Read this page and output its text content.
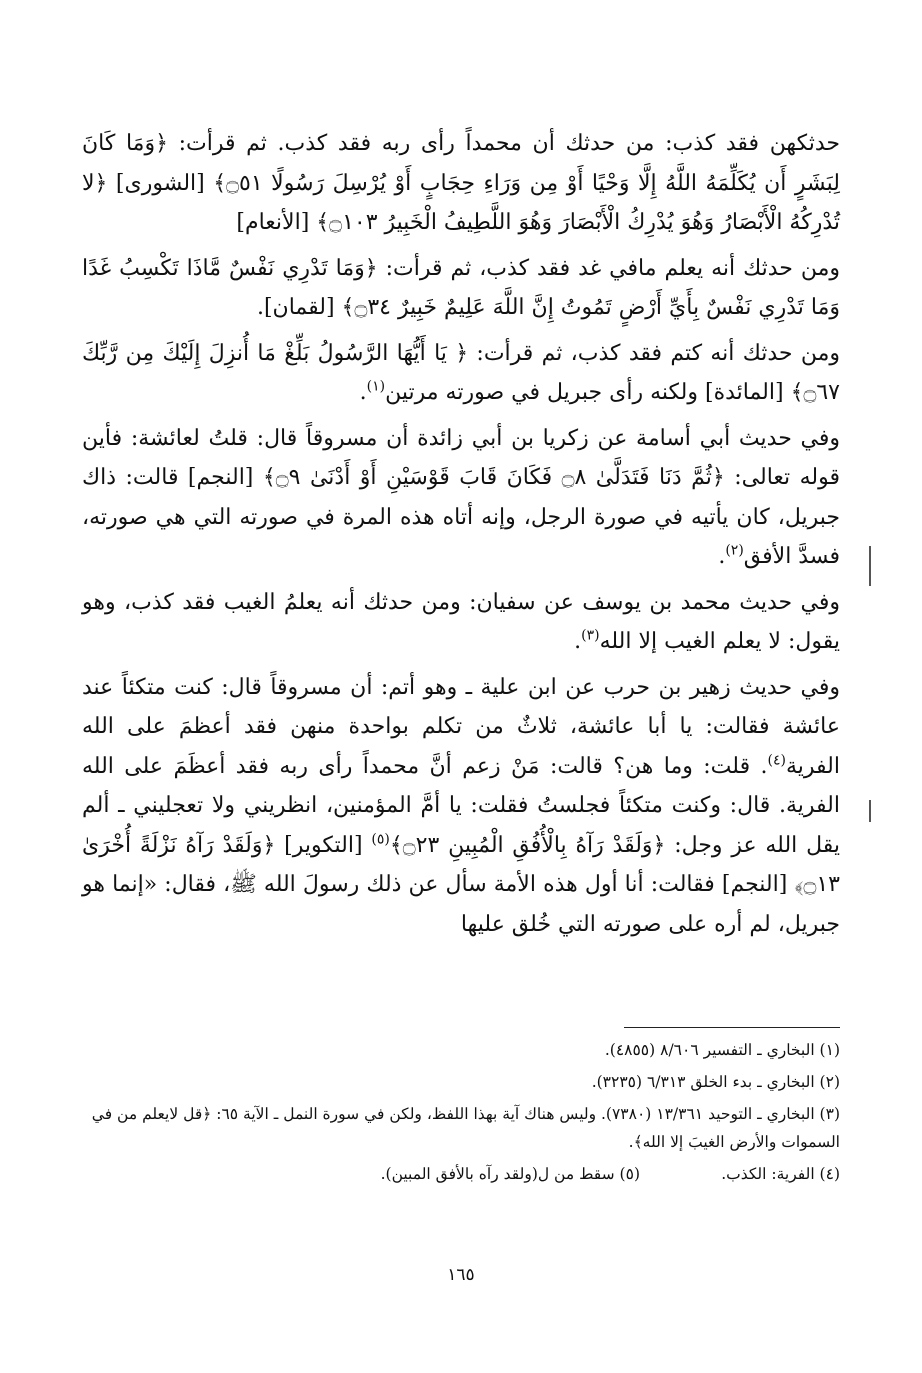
حدثكهن فقد كذب: من حدثك أن محمداً رأى ربه فقد كذب. ثم قرأت: ﴿وَمَا كَانَ لِبَشَرٍ أَن يُكَلِّمَهُ اللَّهُ إِلَّا وَحْيًا أَوْ مِن وَرَاءِ حِجَابٍ أَوْ يُرْسِلَ رَسُولًا ۝٥١﴾ [الشورى] ﴿لا تُدْرِكُهُ الْأَبْصَارُ وَهُوَ يُدْرِكُ الْأَبْصَارَ وَهُوَ اللَّطِيفُ الْخَبِيرُ ۝١٠٣﴾ [الأنعام]

ومن حدثك أنه يعلم مافي غد فقد كذب، ثم قرأت: ﴿وَمَا تَدْرِي نَفْسٌ مَّاذَا تَكْسِبُ غَدًا وَمَا تَدْرِي نَفْسٌ بِأَيِّ أَرْضٍ تَمُوتُ إِنَّ اللَّهَ عَلِيمٌ خَبِيرٌ ۝٣٤﴾ [لقمان].

ومن حدثك أنه كتم فقد كذب، ثم قرأت: ﴿ يَا أَيُّهَا الرَّسُولُ بَلِّغْ مَا أُنزِلَ إِلَيْكَ مِن رَّبِّكَ ۝٦٧﴾ [المائدة] ولكنه رأى جبريل في صورته مرتين$^{(١)}$.

وفي حديث أبي أسامة عن زكريا بن أبي زائدة أن مسروقاً قال: قلتُ لعائشة: فأين قوله تعالى: ﴿ثُمَّ دَنَا فَتَدَلَّىٰ ۝٨ فَكَانَ قَابَ قَوْسَيْنِ أَوْ أَدْنَىٰ ۝٩﴾ [النجم] قالت: ذاك جبريل، كان يأتيه في صورة الرجل، وإنه أتاه هذه المرة في صورته التي هي صورته، فسدَّ الأفق$^{(٢)}$.

وفي حديث محمد بن يوسف عن سفيان: ومن حدثك أنه يعلمُ الغيب فقد كذب، وهو يقول: لا يعلم الغيب إلا الله$^{(٣)}$.

وفي حديث زهير بن حرب عن ابن علية ـ وهو أتم: أن مسروقاً قال: كنت متكئاً عند عائشة فقالت: يا أبا عائشة، ثلاثٌ من تكلم بواحدة منهن فقد أعظمَ على الله الفرية$^{(٤)}$. قلت: وما هن؟ قالت: مَنْ زعم أنَّ محمداً رأى ربه فقد أعظَمَ على الله الفرية. قال: وكنت متكئاً فجلستُ فقلت: يا أمَّ المؤمنين، انظريني ولا تعجليني ـ ألم يقل الله عز وجل: ﴿وَلَقَدْ رَآهُ بِالْأُفُقِ الْمُبِينِ ۝٢٣﴾$^{(٥)}$ [التكوير] ﴿وَلَقَدْ رَآهُ نَزْلَةً أُخْرَىٰ ۝١٣﴾ [النجم] فقالت: أنا أول هذه الأمة سأل عن ذلك رسولَ الله ﷺ، فقال: «إنما هو جبريل، لم أره على صورته التي خُلق عليها

(١) البخاري ـ التفسير ٨/٦٠٦ (٤٨٥٥).

(٢) البخاري ـ بدء الخلق ٦/٣١٣ (٣٢٣٥).

(٣) البخاري ـ التوحيد ١٣/٣٦١ (٧٣٨٠). وليس هناك آية بهذا اللفظ، ولكن في سورة النمل ـ الآية ٦٥: ﴿قل لايعلم من في السموات والأرض الغيبَ إلا الله﴾.

(٤) الفرية: الكذب.
(٥) سقط من ل(ولقد رآه بالأفق المبين).
١٦٥
